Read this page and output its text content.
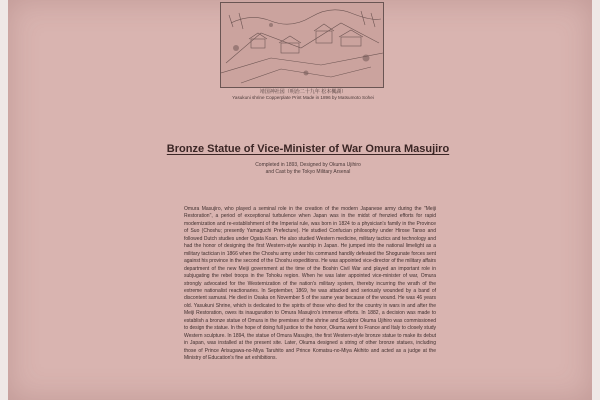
靖国神社図（明治二十九年 松本楓湖）
Yasukuni shrine Copperplate Print Made in 1896 by Matsumoto Sohei
Bronze Statue of Vice-Minister of War Omura Masujiro
Completed in 1893, Designed by Okuma Ujihiro
and Cast by the Tokyo Military Arsenal

Omura Masujiro, who played a seminal role in the creation of the modern Japanese army during the "Meiji Restoration", a period of exceptional turbulence when Japan was in the midst of frenzied efforts for rapid modernization and re-establishment of the Imperial rule, was born in 1824 to a physician's family in the Province of Suo (Choshu; presently Yamaguchi Prefecture). He studied Confucian philosophy under Hirose Tanso and followed Dutch studies under Ogata Koan. He also studied Western medicine, military tactics and technology and had the honor of designing the first Western-style warship in Japan. He jumped into the national limelight as a military tactician in 1866 when the Choshu army under his command handily defeated the Shogunate forces sent against his province in the second of the Choshu expeditions. He was appointed vice-director of the military affairs department of the new Meiji government at the time of the Boshin Civil War and played an important role in subjugating the rebel troops in the Tohoku region. When he was later appointed vice-minister of war, Omura strongly advocated for the Westernization of the nation's military system, thereby incurring the wrath of the extreme nationalist reactionaries. In September, 1869, he was attacked and seriously wounded by a band of discontent samurai. He died in Osaka on November 5 of the same year because of the wound. He was 46 years old. Yasukuni Shrine, which is dedicated to the spirits of those who died for the country in wars in and after the Meiji Restoration, owes its inauguration to Omura Masujiro's immense efforts. In 1882, a decision was made to establish a bronze statue of Omura in the premises of the shrine and Sculptor Okuma Ujihiro was commissioned to design the statue. In the hope of doing full justice to the honor, Okuma went to France and Italy to closely study Western sculpture. In 1894, the statue of Omura Masujiro, the first Western-style bronze statue to make its debut in Japan, was installed at the present site. Later, Okuma designed a string of other bronze statues, including those of Prince Arisugawa-no-Miya Taruhito and Prince Komatsu-no-Miya Akihito and acted as a judge at the Ministry of Education's fine art exhibitions.
